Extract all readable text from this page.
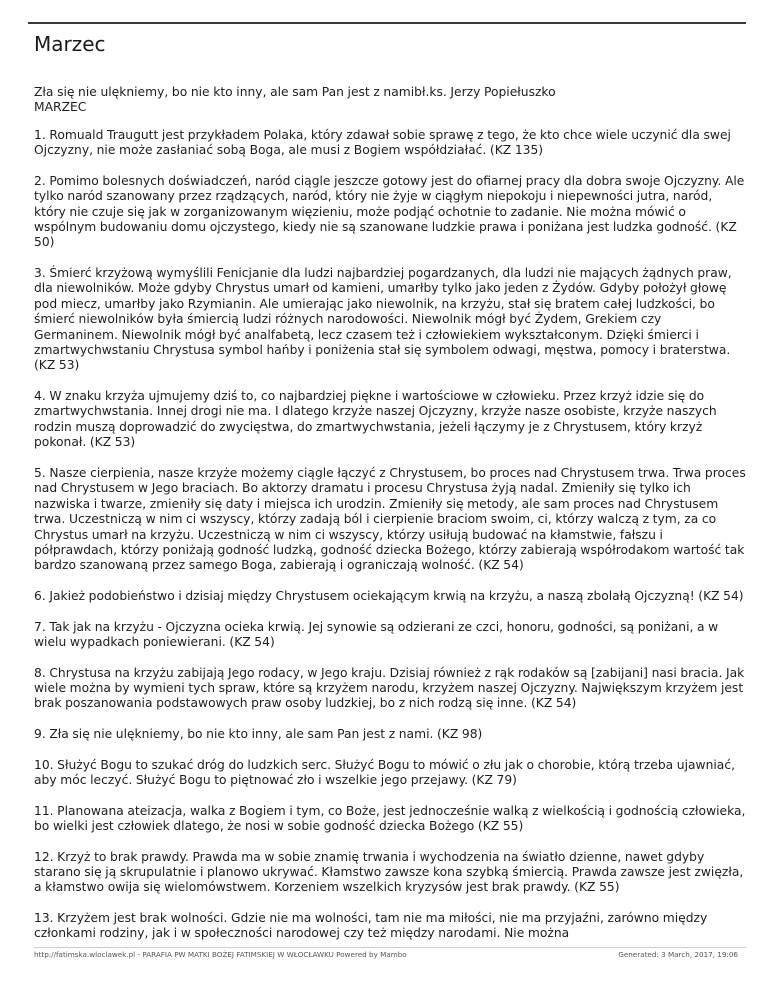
Marzec

Zła się nie ulękniemy, bo nie kto inny, ale sam Pan jest z namibł.ks. Jerzy Popiełuszko
MARZEC

1. Romuald Traugutt jest przykładem Polaka, który zdawał sobie sprawę z tego, że kto chce wiele uczynić dla swej Ojczyzny, nie może zasłaniać sobą Boga, ale musi z Bogiem współdziałać. (KZ 135)

2. Pomimo bolesnych doświadczeń, naród ciągle jeszcze gotowy jest do ofiarnej pracy dla dobra swoje Ojczyzny. Ale tylko naród szanowany przez rządzących, naród, który nie żyje w ciągłym niepokoju i niepewności jutra, naród, który nie czuje się jak w zorganizowanym więzieniu, może podjąć ochotnie to zadanie. Nie można mówić o wspólnym budowaniu domu ojczystego, kiedy nie są szanowane ludzkie prawa i poniżana jest ludzka godność. (KZ 50)

3. Śmierć krzyżową wymyślili Fenicjanie dla ludzi najbardziej pogardzanych, dla ludzi nie mających żądnych praw, dla niewolników. Może gdyby Chrystus umarł od kamieni, umarłby tylko jako jeden z Żydów. Gdyby położył głowę pod miecz, umarłby jako Rzymianin. Ale umierając jako niewolnik, na krzyżu, stał się bratem całej ludzkości, bo śmierć niewolników była śmiercią ludzi różnych narodowości. Niewolnik mógł być Żydem, Grekiem czy Germaninem. Niewolnik mógł być analfabetą, lecz czasem też i człowiekiem wykształconym. Dzięki śmierci i zmartwychwstaniu Chrystusa symbol hańby i poniżenia stał się symbolem odwagi, męstwa, pomocy i braterstwa. (KZ 53)

4. W znaku krzyża ujmujemy dziś to, co najbardziej piękne i wartościowe w człowieku. Przez krzyż idzie się do zmartwychwstania. Innej drogi nie ma. I dlatego krzyże naszej Ojczyzny, krzyże nasze osobiste, krzyże naszych rodzin muszą doprowadzić do zwycięstwa, do zmartwychwstania, jeżeli łączymy je z Chrystusem, który krzyż pokonał. (KZ 53)

5. Nasze cierpienia, nasze krzyże możemy ciągle łączyć z Chrystusem, bo proces nad Chrystusem trwa. Trwa proces nad Chrystusem w Jego braciach. Bo aktorzy dramatu i procesu Chrystusa żyją nadal. Zmieniły się tylko ich nazwiska i twarze, zmieniły się daty i miejsca ich urodzin. Zmieniły się metody, ale sam proces nad Chrystusem trwa. Uczestniczą w nim ci wszyscy, którzy zadają ból i cierpienie braciom swoim, ci, którzy walczą z tym, za co Chrystus umarł na krzyżu. Uczestniczą w nim ci wszyscy, którzy usiłują budować na kłamstwie, fałszu i półprawdach, którzy poniżają godność ludzką, godność dziecka Bożego, którzy zabierają współrodakom wartość tak bardzo szanowaną przez samego Boga, zabierają i ograniczają wolność. (KZ 54)

6. Jakież podobieństwo i dzisiaj między Chrystusem ociekającym krwią na krzyżu, a naszą zbolałą Ojczyzną! (KZ 54)

7. Tak jak na krzyżu - Ojczyzna ocieka krwią. Jej synowie są odzierani ze czci, honoru, godności, są poniżani, a w wielu wypadkach poniewierani. (KZ 54)

8. Chrystusa na krzyżu zabijają Jego rodacy, w Jego kraju. Dzisiaj również z rąk rodaków są [zabijani] nasi bracia. Jak wiele można by wymieni tych spraw, które są krzyżem narodu, krzyżem naszej Ojczyzny. Największym krzyżem jest brak poszanowania podstawowych praw osoby ludzkiej, bo z nich rodzą się inne. (KZ 54)

9. Zła się nie ulękniemy, bo nie kto inny, ale sam Pan jest z nami. (KZ 98)

10. Służyć Bogu to szukać dróg do ludzkich serc. Służyć Bogu to mówić o złu jak o chorobie, którą trzeba ujawniać, aby móc leczyć. Służyć Bogu to piętnować zło i wszelkie jego przejawy. (KZ 79)

11. Planowana ateizacja, walka z Bogiem i tym, co Boże, jest jednocześnie walką z wielkością i godnością człowieka, bo wielki jest człowiek dlatego, że nosi w sobie godność dziecka Bożego (KZ 55)

12. Krzyż to brak prawdy. Prawda ma w sobie znamię trwania i wychodzenia na światło dzienne, nawet gdyby starano się ją skrupulatnie i planowo ukrywać. Kłamstwo zawsze kona szybką śmiercią. Prawda zawsze jest zwięzła, a kłamstwo owija się wielomówstwem. Korzeniem wszelkich kryzysów jest brak prawdy. (KZ 55)

13. Krzyżem jest brak wolności. Gdzie nie ma wolności, tam nie ma miłości, nie ma przyjaźni, zarówno między członkami rodziny, jak i w społeczności narodowej czy też między narodami. Nie można

http://fatimska.wloclawek.pl - PARAFIA PW MATKI BOŻEJ FATIMSKIEJ W WŁOCŁAWKU Powered by Mambo	Generated: 3 March, 2017, 19:06
